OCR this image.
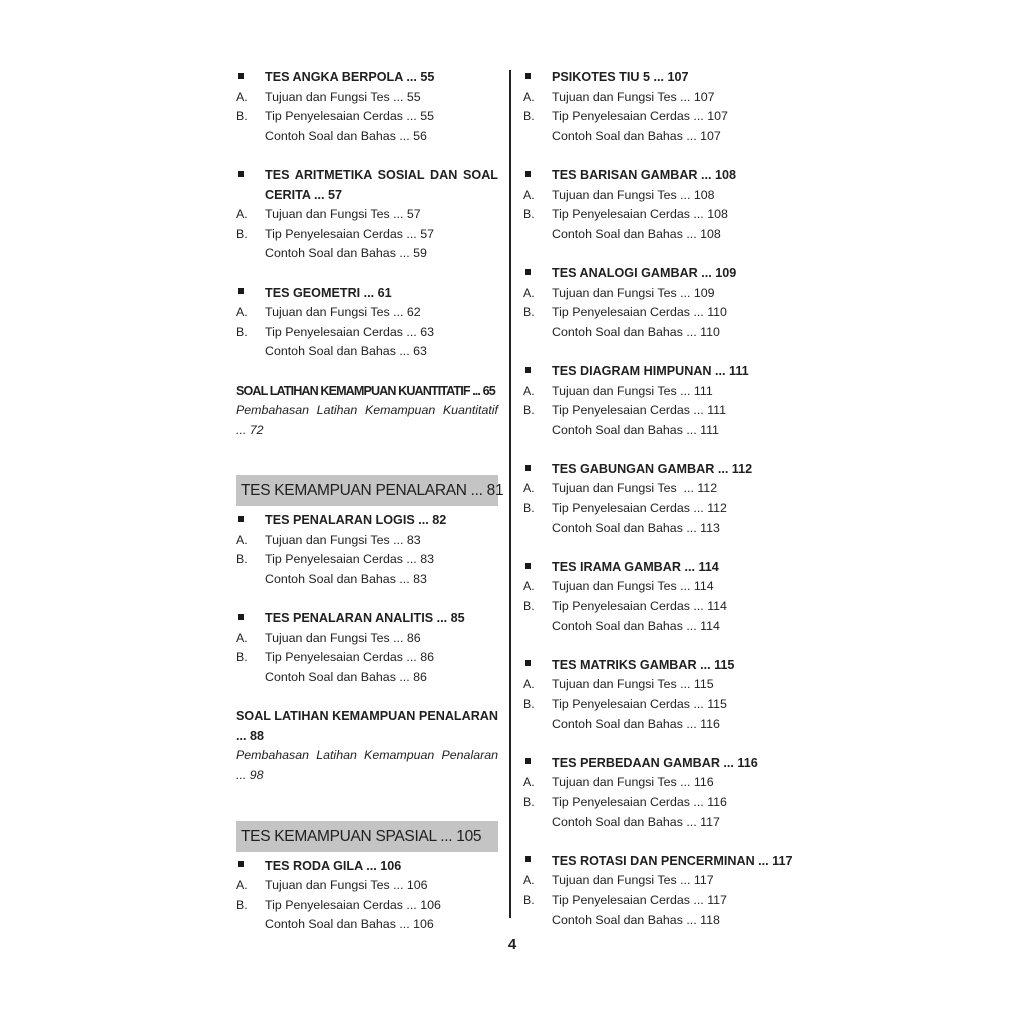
TES ANGKA BERPOLA ... 55
A.	Tujuan dan Fungsi Tes ... 55
B.	Tip Penyelesaian Cerdas ... 55
Contoh Soal dan Bahas ... 56
TES ARITMETIKA SOSIAL DAN SOAL
CERITA ... 57
A.	Tujuan dan Fungsi Tes ... 57
B.	Tip Penyelesaian Cerdas ... 57
Contoh Soal dan Bahas ... 59
TES GEOMETRI ... 61
A.	Tujuan dan Fungsi Tes ... 62
B.	Tip Penyelesaian Cerdas ... 63
Contoh Soal dan Bahas ... 63
SOAL LATIHAN KEMAMPUAN KUANTITATIF ... 65
Pembahasan Latihan Kemampuan Kuantitatif
... 72
TES KEMAMPUAN PENALARAN ... 81
TES PENALARAN LOGIS ... 82
A.	Tujuan dan Fungsi Tes ... 83
B.	Tip Penyelesaian Cerdas ... 83
Contoh Soal dan Bahas ... 83
TES PENALARAN ANALITIS ... 85
A.	Tujuan dan Fungsi Tes ... 86
B.	Tip Penyelesaian Cerdas ... 86
Contoh Soal dan Bahas ... 86
SOAL LATIHAN KEMAMPUAN PENALARAN
... 88
Pembahasan Latihan Kemampuan Penalaran
... 98
TES KEMAMPUAN SPASIAL ... 105
TES RODA GILA ... 106
A.	Tujuan dan Fungsi Tes ... 106
B.	Tip Penyelesaian Cerdas ... 106
Contoh Soal dan Bahas ... 106
PSIKOTES TIU 5 ... 107
A.	Tujuan dan Fungsi Tes ... 107
B.	Tip Penyelesaian Cerdas ... 107
Contoh Soal dan Bahas ... 107
TES BARISAN GAMBAR ... 108
A.	Tujuan dan Fungsi Tes ... 108
B.	Tip Penyelesaian Cerdas ... 108
Contoh Soal dan Bahas ... 108
TES ANALOGI GAMBAR ... 109
A.	Tujuan dan Fungsi Tes ... 109
B.	Tip Penyelesaian Cerdas ... 110
Contoh Soal dan Bahas ... 110
TES DIAGRAM HIMPUNAN ... 111
A.	Tujuan dan Fungsi Tes ... 111
B.	Tip Penyelesaian Cerdas ... 111
Contoh Soal dan Bahas ... 111
TES GABUNGAN GAMBAR ... 112
A.	Tujuan dan Fungsi Tes  ... 112
B.	Tip Penyelesaian Cerdas ... 112
Contoh Soal dan Bahas ... 113
TES IRAMA GAMBAR ... 114
A.	Tujuan dan Fungsi Tes ... 114
B.	Tip Penyelesaian Cerdas ... 114
Contoh Soal dan Bahas ... 114
TES MATRIKS GAMBAR ... 115
A.	Tujuan dan Fungsi Tes ... 115
B.	Tip Penyelesaian Cerdas ... 115
Contoh Soal dan Bahas ... 116
TES PERBEDAAN GAMBAR ... 116
A.	Tujuan dan Fungsi Tes ... 116
B.	Tip Penyelesaian Cerdas ... 116
Contoh Soal dan Bahas ... 117
TES ROTASI DAN PENCERMINAN ... 117
A.	Tujuan dan Fungsi Tes ... 117
B.	Tip Penyelesaian Cerdas ... 117
Contoh Soal dan Bahas ... 118
4
